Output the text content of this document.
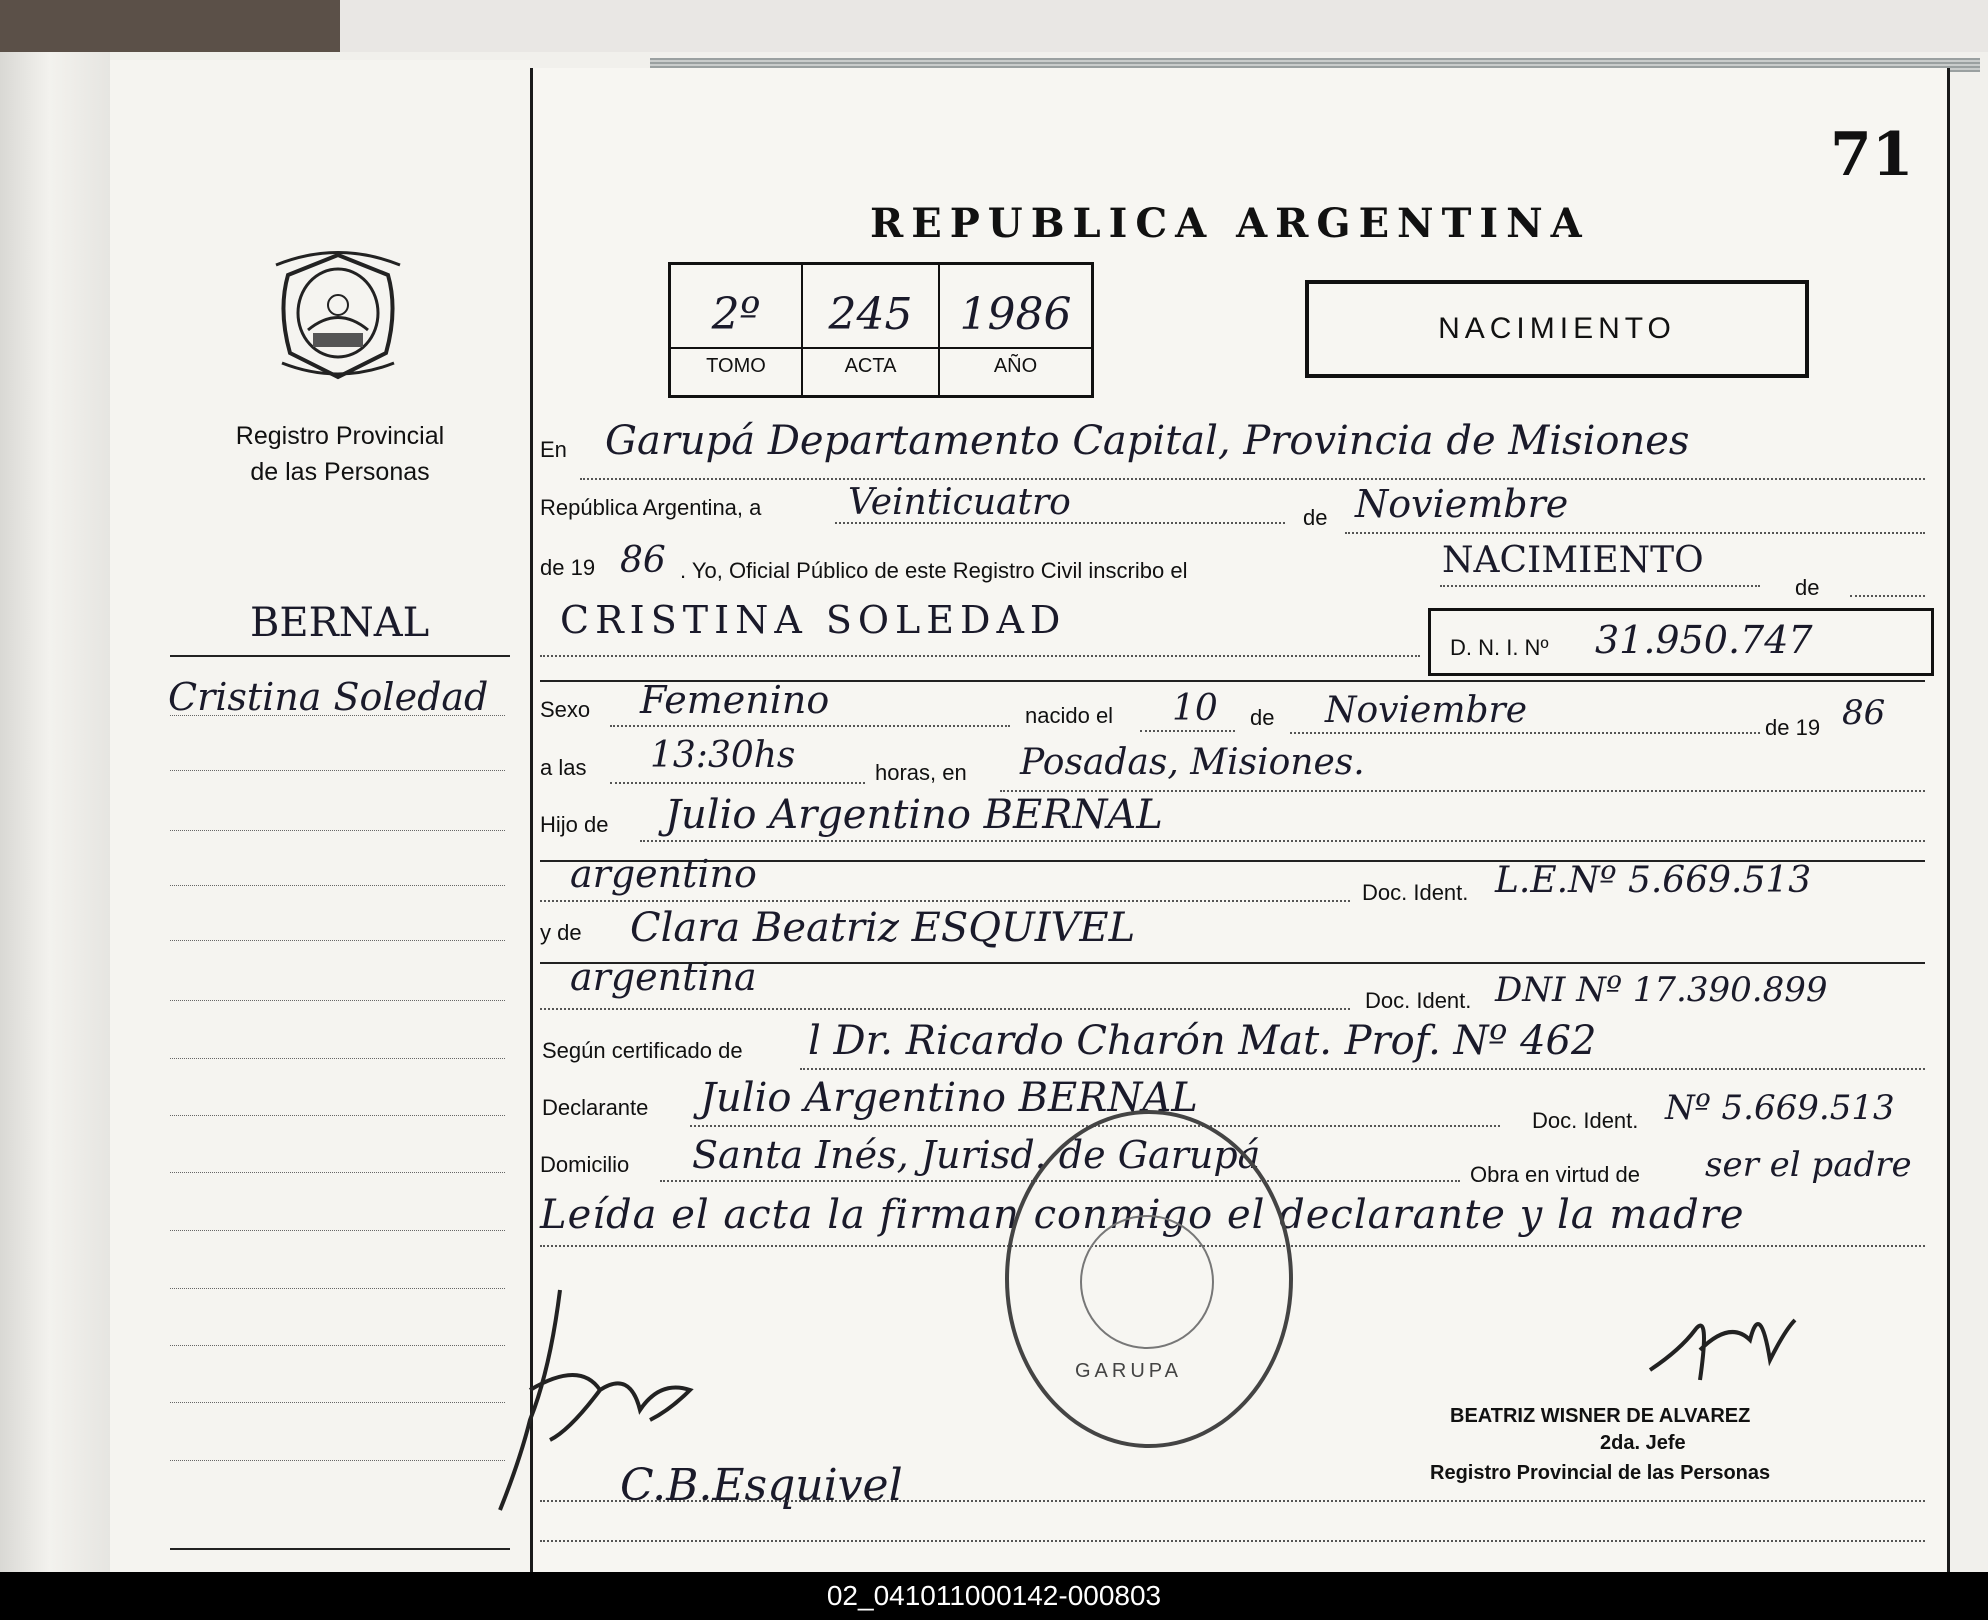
71
REPUBLICA ARGENTINA
Registro Provincial
de las Personas
2º
TOMO
245
ACTA
1986
AÑO
NACIMIENTO
BERNAL
Cristina Soledad
En Garupá Departamento Capital, Provincia de Misiones
República Argentina, a Veinticuatro	de Noviembre
de 19 86 . Yo, Oficial Público de este Registro Civil inscribo el	NACIMIENTO
de
CRISTINA SOLEDAD
D. N. I. Nº 31.950.747
Sexo Femenino	nacido el 10 de Noviembre	de 19 86
a las 13:30hs	horas, en Posadas, Misiones.
Hijo de Julio Argentino BERNAL
argentino	Doc. Ident. L.E.Nº 5.669.513
y de Clara Beatriz ESQUIVEL
argentina
Doc. Ident. DNI Nº 17.390.899
Según certificado de l Dr. Ricardo Charón Mat. Prof. Nº 462
Declarante Julio Argentino BERNAL	Doc. Ident. Nº 5.669.513
Domicilio Santa Inés, Jurisd. de Garupá	Obra en virtud de ser el padre
Leída el acta la firman conmigo el declarante y la madre
GARUPA
C.B.Esquivel
BEATRIZ WISNER DE ALVAREZ
2da. Jefe
Registro Provincial de las Personas
02_041011000142-000803
